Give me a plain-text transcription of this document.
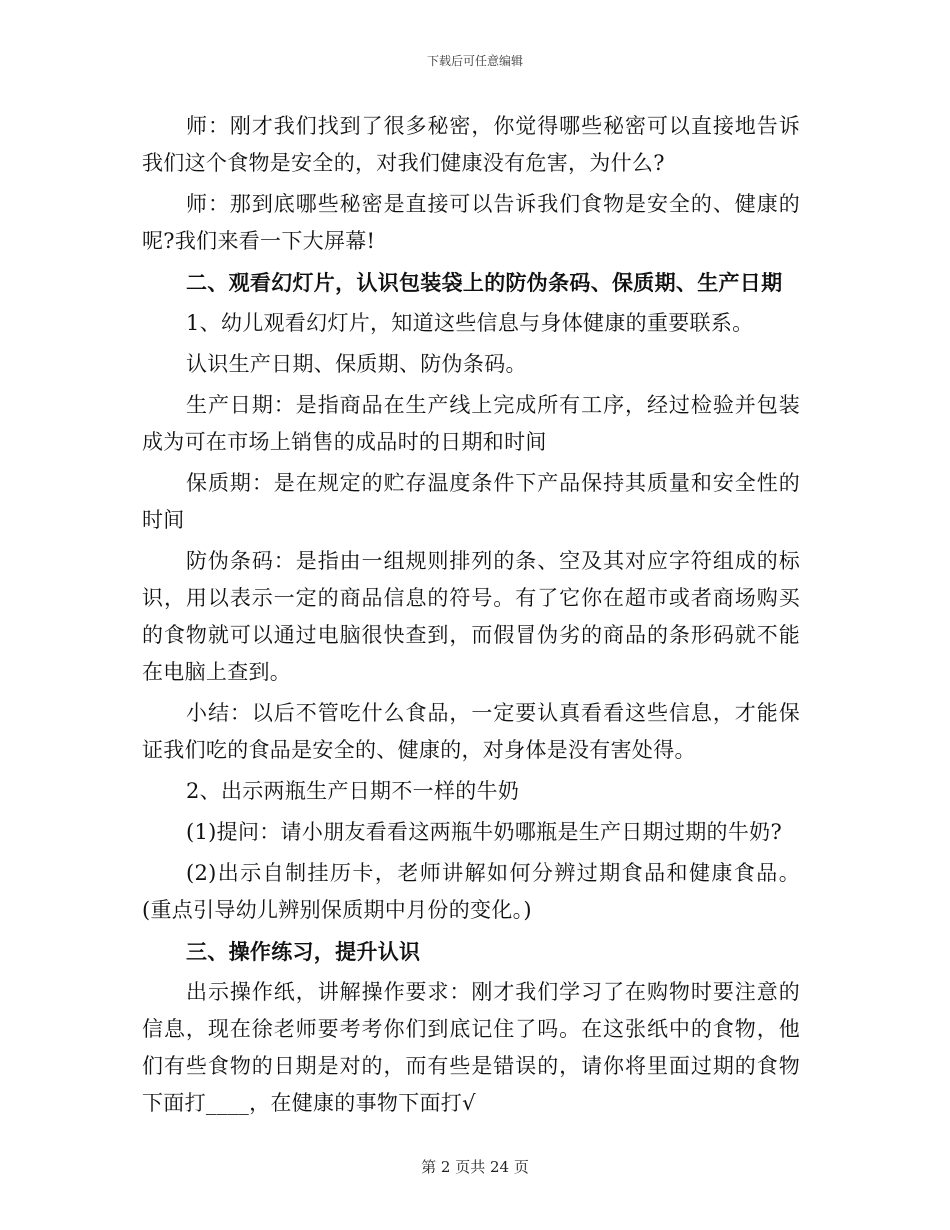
下载后可任意编辑

师：刚才我们找到了很多秘密，你觉得哪些秘密可以直接地告诉我们这个食物是安全的，对我们健康没有危害，为什么?

师：那到底哪些秘密是直接可以告诉我们食物是安全的、健康的呢?我们来看一下大屏幕!

二、观看幻灯片，认识包装袋上的防伪条码、保质期、生产日期

1、幼儿观看幻灯片，知道这些信息与身体健康的重要联系。

认识生产日期、保质期、防伪条码。

生产日期：是指商品在生产线上完成所有工序，经过检验并包装成为可在市场上销售的成品时的日期和时间

保质期：是在规定的贮存温度条件下产品保持其质量和安全性的时间

防伪条码：是指由一组规则排列的条、空及其对应字符组成的标识，用以表示一定的商品信息的符号。有了它你在超市或者商场购买的食物就可以通过电脑很快查到，而假冒伪劣的商品的条形码就不能在电脑上查到。

小结：以后不管吃什么食品，一定要认真看看这些信息，才能保证我们吃的食品是安全的、健康的，对身体是没有害处得。

2、出示两瓶生产日期不一样的牛奶

(1)提问：请小朋友看看这两瓶牛奶哪瓶是生产日期过期的牛奶?

(2)出示自制挂历卡，老师讲解如何分辨过期食品和健康食品。(重点引导幼儿辨别保质期中月份的变化。)

三、操作练习，提升认识

出示操作纸，讲解操作要求：刚才我们学习了在购物时要注意的信息，现在徐老师要考考你们到底记住了吗。在这张纸中的食物，他们有些食物的日期是对的，而有些是错误的，请你将里面过期的食物下面打____，在健康的事物下面打√

第 2 页共 24 页
